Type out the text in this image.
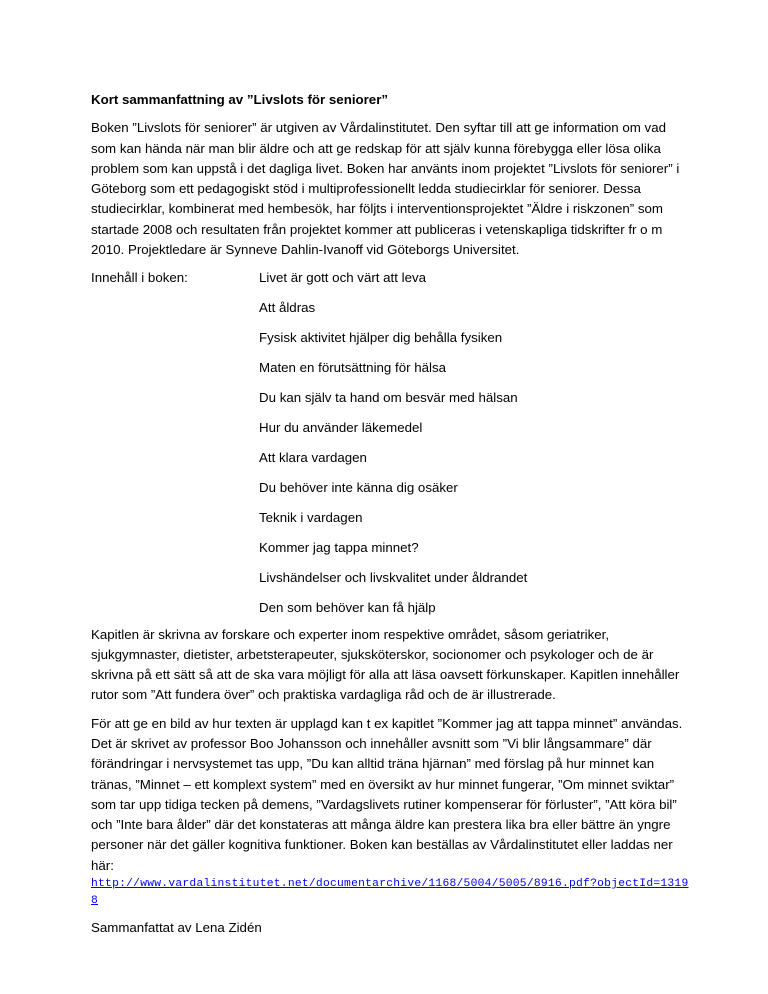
Kort sammanfattning av ”Livslots för seniorer”

Boken ”Livslots för seniorer” är utgiven av Vårdalinstitutet. Den syftar till att ge information om vad som kan hända när man blir äldre och att ge redskap för att själv kunna förebygga eller lösa olika problem som kan uppstå i det dagliga livet. Boken har använts inom projektet ”Livslots för seniorer” i Göteborg som ett pedagogiskt stöd i multiprofessionellt ledda studiecirklar för seniorer. Dessa studiecirklar, kombinerat med hembesök, har följts i interventionsprojektet ”Äldre i riskzonen” som startade 2008 och resultaten från projektet kommer att publiceras i vetenskapliga tidskrifter fr o m 2010. Projektledare är Synneve Dahlin-Ivanoff vid Göteborgs Universitet.

Innehåll i boken:	Livet är gott och värt att leva
Att åldras
Fysisk aktivitet hjälper dig behålla fysiken
Maten en förutsättning för hälsa
Du kan själv ta hand om besvär med hälsan
Hur du använder läkemedel
Att klara vardagen
Du behöver inte känna dig osäker
Teknik i vardagen
Kommer jag tappa minnet?
Livshändelser och livskvalitet under åldrandet
Den som behöver kan få hjälp

Kapitlen är skrivna av forskare och experter inom respektive området, såsom geriatriker, sjukgymnaster, dietister, arbetsterapeuter, sjuksköterskor, socionomer och psykologer och de är skrivna på ett sätt så att de ska vara möjligt för alla att läsa oavsett förkunskaper. Kapitlen innehåller rutor som ”Att fundera över” och praktiska vardagliga råd och de är illustrerade.

För att ge en bild av hur texten är upplagd kan t ex kapitlet ”Kommer jag att tappa minnet” användas. Det är skrivet av professor Boo Johansson och innehåller avsnitt som ”Vi blir långsammare” där förändringar i nervsystemet tas upp, ”Du kan alltid träna hjärnan” med förslag på hur minnet kan tränas, ”Minnet – ett komplext system” med en översikt av hur minnet fungerar, ”Om minnet sviktar” som tar upp tidiga tecken på demens, ”Vardagslivets rutiner kompenserar för förluster”, ”Att köra bil” och ”Inte bara ålder” där det konstateras att många äldre kan prestera lika bra eller bättre än yngre personer när det gäller kognitiva funktioner. Boken kan beställas av Vårdalinstitutet eller laddas ner här:

http://www.vardalinstitutet.net/documentarchive/1168/5004/5005/8916.pdf?objectId=13198

Sammanfattat av Lena Zidén
